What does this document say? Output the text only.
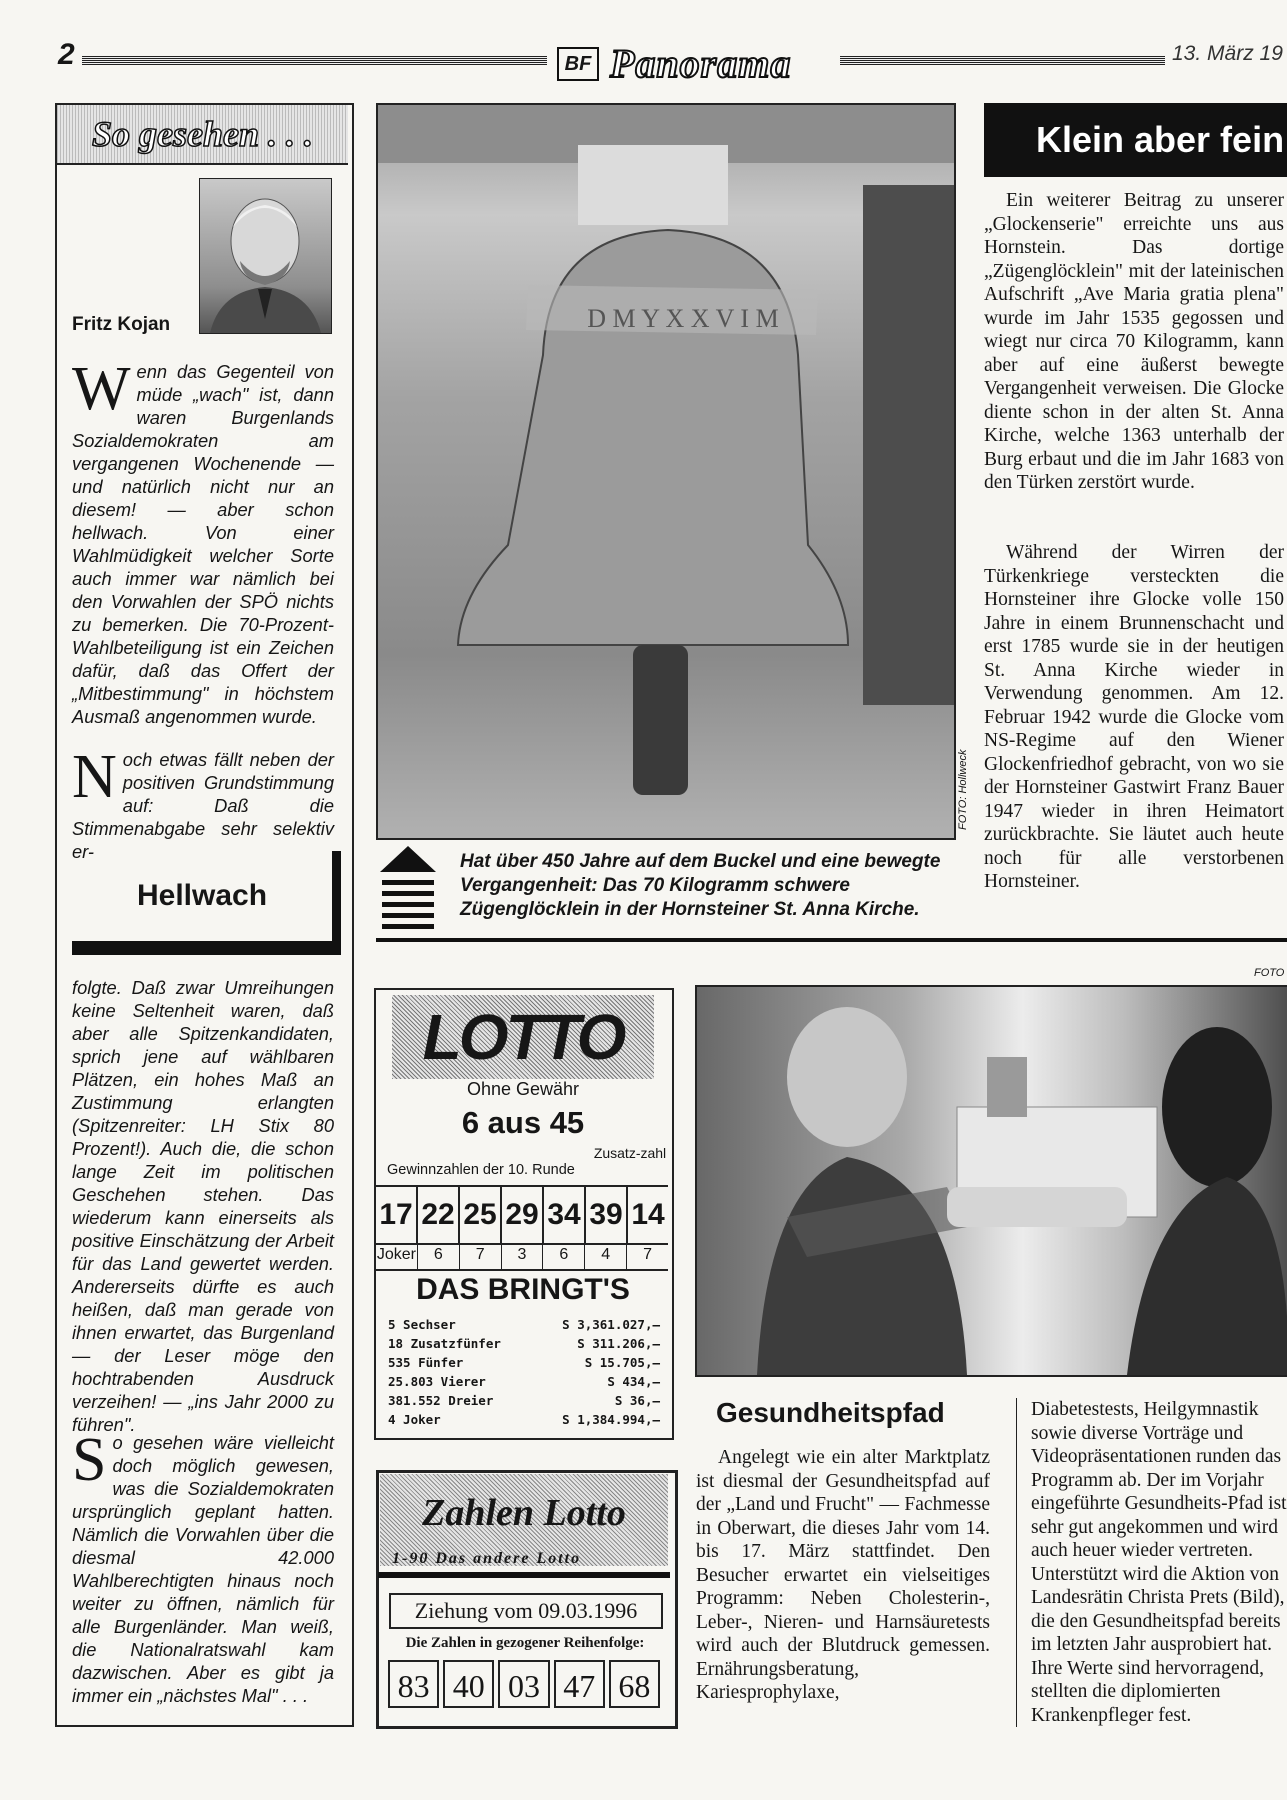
2	BF Panorama	13. März 19
So gesehen . . .
Fritz Kojan
Wenn das Gegenteil von müde „wach" ist, dann waren Burgenlands Sozialdemokraten am vergangenen Wochenende — und natürlich nicht nur an diesem! — aber schon hellwach. Von einer Wahlmüdigkeit welcher Sorte auch immer war nämlich bei den Vorwahlen der SPÖ nichts zu bemerken. Die 70-Prozent-Wahlbeteiligung ist ein Zeichen dafür, daß das Offert der „Mitbestimmung" in höchstem Ausmaß angenommen wurde.
Noch etwas fällt neben der positiven Grundstimmung auf: Daß die Stimmenabgabe sehr selektiv er-
Hellwach
folgte. Daß zwar Umreihungen keine Seltenheit waren, daß aber alle Spitzenkandidaten, sprich jene auf wählbaren Plätzen, ein hohes Maß an Zustimmung erlangten (Spitzenreiter: LH Stix 80 Prozent!). Auch die, die schon lange Zeit im politischen Geschehen stehen. Das wiederum kann einerseits als positive Einschätzung der Arbeit für das Land gewertet werden. Andererseits dürfte es auch heißen, daß man gerade von ihnen erwartet, das Burgenland — der Leser möge den hochtrabenden Ausdruck verzeihen! — „ins Jahr 2000 zu führen".
So gesehen wäre vielleicht doch möglich gewesen, was die Sozialdemokraten ursprünglich geplant hatten. Nämlich die Vorwahlen über die diesmal 42.000 Wahlberechtigten hinaus noch weiter zu öffnen, nämlich für alle Burgenländer. Man weiß, die Nationalratswahl kam dazwischen. Aber es gibt ja immer ein „nächstes Mal" . . .
D M Y X X V I M
FOTO: Hollweck
Hat über 450 Jahre auf dem Buckel und eine bewegte Vergangenheit: Das 70 Kilogramm schwere Zügenglöcklein in der Hornsteiner St. Anna Kirche.
Klein aber fein
Ein weiterer Beitrag zu unserer „Glockenserie" erreichte uns aus Hornstein. Das dortige „Zügenglöcklein" mit der lateinischen Aufschrift „Ave Maria gratia plena" wurde im Jahr 1535 gegossen und wiegt nur circa 70 Kilogramm, kann aber auf eine äußerst bewegte Vergangenheit verweisen. Die Glocke diente schon in der alten St. Anna Kirche, welche 1363 unterhalb der Burg erbaut und die im Jahr 1683 von den Türken zerstört wurde.
Während der Wirren der Türkenkriege versteckten die Hornsteiner ihre Glocke volle 150 Jahre in einem Brunnenschacht und erst 1785 wurde sie in der heutigen St. Anna Kirche wieder in Verwendung genommen. Am 12. Februar 1942 wurde die Glocke vom NS-Regime auf den Wiener Glockenfriedhof gebracht, von wo sie der Hornsteiner Gastwirt Franz Bauer 1947 wieder in ihren Heimatort zurückbrachte. Sie läutet auch heute noch für alle verstorbenen Hornsteiner.
LOTTO
Ohne Gewähr
6 aus 45
Zusatz-zahl
Gewinnzahlen der 10. Runde
17 22 25 29 34 39 14
Joker	6	7	3	6	4	7
DAS BRINGT'S
5 Sechser	S 3,361.027,–
18 Zusatzfünfer	S 311.206,–
535 Fünfer	S 15.705,–
25.803 Vierer	S 434,–
381.552 Dreier	S 36,–
4 Joker	S 1,384.994,–
Zahlen Lotto
1-90 Das andere Lotto
Ziehung vom 09.03.1996
Die Zahlen in gezogener Reihenfolge:
83 40 03 47 68
FOTO
Gesundheitspfad
Angelegt wie ein alter Marktplatz ist diesmal der Gesundheitspfad auf der „Land und Frucht" — Fachmesse in Oberwart, die dieses Jahr vom 14. bis 17. März stattfindet. Den Besucher erwartet ein vielseitiges Programm: Neben Cholesterin-, Leber-, Nieren- und Harnsäuretests wird auch der Blutdruck gemessen. Ernährungsberatung, Kariesprophylaxe,
Diabetestests, Heilgymnastik sowie diverse Vorträge und Videopräsentationen runden das Programm ab. Der im Vorjahr eingeführte Gesundheits-Pfad ist sehr gut angekommen und wird auch heuer wieder vertreten. Unterstützt wird die Aktion von Landesrätin Christa Prets (Bild), die den Gesundheitspfad bereits im letzten Jahr ausprobiert hat. Ihre Werte sind hervorragend, stellten die diplomierten Krankenpfleger fest.
